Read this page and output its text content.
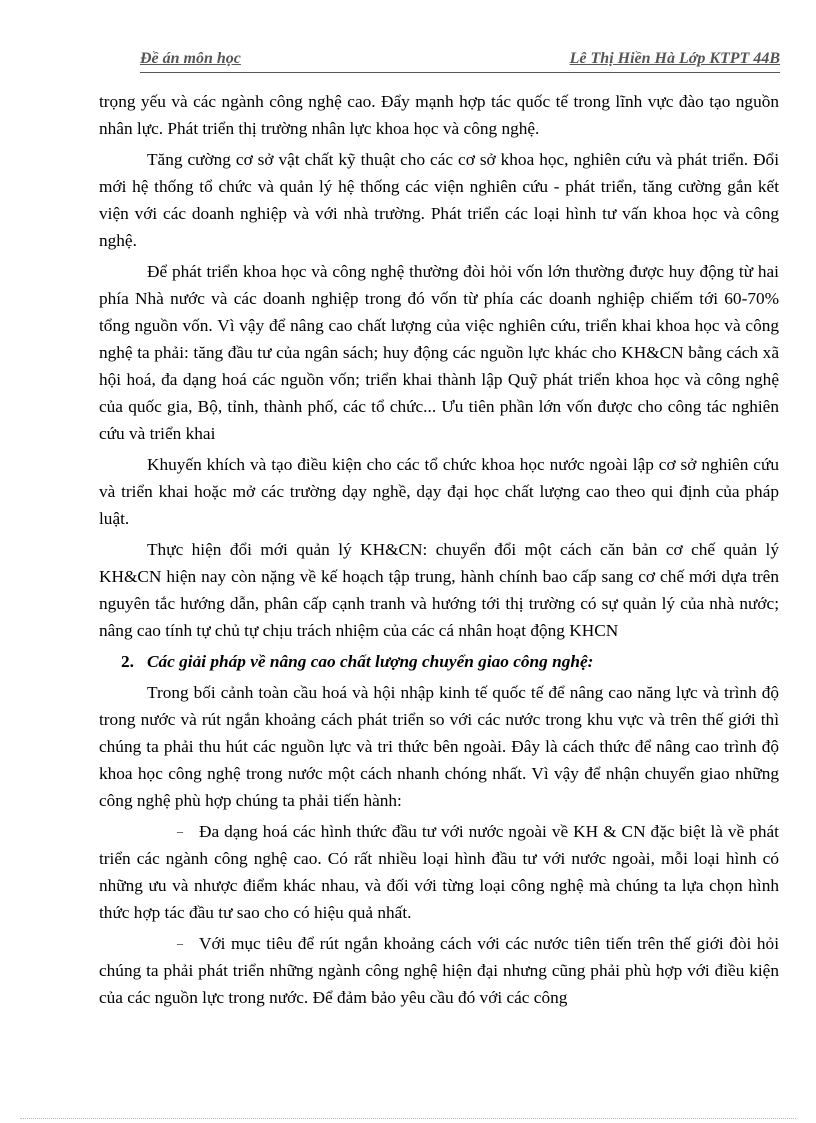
Đề án môn học	Lê Thị Hiền Hà Lớp KTPT 44B

trọng yếu và các ngành công nghệ cao. Đẩy mạnh hợp tác quốc tế trong lĩnh vực đào tạo nguồn nhân lực. Phát triển thị trường nhân lực khoa học và công nghệ.

Tăng cường cơ sở vật chất kỹ thuật cho các cơ sở khoa học, nghiên cứu và phát triển. Đổi mới hệ thống tổ chức và quản lý hệ thống các viện nghiên cứu - phát triển, tăng cường gắn kết viện với các doanh nghiệp và với nhà trường. Phát triển các loại hình tư vấn khoa học và công nghệ.

Để phát triển khoa học và công nghệ thường đòi hỏi vốn lớn thường được huy động từ hai phía Nhà nước và các doanh nghiệp trong đó vốn từ phía các doanh nghiệp chiếm tới 60-70% tổng nguồn vốn. Vì vậy để nâng cao chất lượng của việc nghiên cứu, triển khai khoa học và công nghệ ta phải: tăng đầu tư của ngân sách; huy động các nguồn lực khác cho KH&CN bằng cách xã hội hoá, đa dạng hoá các nguồn vốn; triển khai thành lập Quỹ phát triển khoa học và công nghệ của quốc gia, Bộ, tỉnh, thành phố, các tổ chức... Ưu tiên phần lớn vốn được cho công tác nghiên cứu và triển khai

Khuyến khích và tạo điều kiện cho các tổ chức khoa học nước ngoài lập cơ sở nghiên cứu và triển khai hoặc mở các trường dạy nghề, dạy đại học chất lượng cao theo qui định của pháp luật.

Thực hiện đổi mới quản lý KH&CN: chuyển đổi một cách căn bản cơ chế quản lý KH&CN hiện nay còn nặng về kế hoạch tập trung, hành chính bao cấp sang cơ chế mới dựa trên nguyên tắc hướng dẫn, phân cấp cạnh tranh và hướng tới thị trường có sự quản lý của nhà nước; nâng cao tính tự chủ tự chịu trách nhiệm của các cá nhân hoạt động KHCN

2. Các giải pháp về nâng cao chất lượng chuyển giao công nghệ:

Trong bối cảnh toàn cầu hoá và hội nhập kinh tế quốc tế để nâng cao năng lực và trình độ trong nước và rút ngắn khoảng cách phát triển so với các nước trong khu vực và trên thế giới thì chúng ta phải thu hút các nguồn lực và tri thức bên ngoài. Đây là cách thức để nâng cao trình độ khoa học công nghệ trong nước một cách nhanh chóng nhất. Vì vậy để nhận chuyển giao những công nghệ phù hợp chúng ta phải tiến hành:

– Đa dạng hoá các hình thức đầu tư với nước ngoài về KH & CN đặc biệt là về phát triển các ngành công nghệ cao. Có rất nhiều loại hình đầu tư với nước ngoài, mỗi loại hình có những ưu và nhược điểm khác nhau, và đối với từng loại công nghệ mà chúng ta lựa chọn hình thức hợp tác đầu tư sao cho có hiệu quả nhất.

– Với mục tiêu để rút ngắn khoảng cách với các nước tiên tiến trên thế giới đòi hỏi chúng ta phải phát triển những ngành công nghệ hiện đại nhưng cũng phải phù hợp với điều kiện của các nguồn lực trong nước. Để đảm bảo yêu cầu đó với các công
